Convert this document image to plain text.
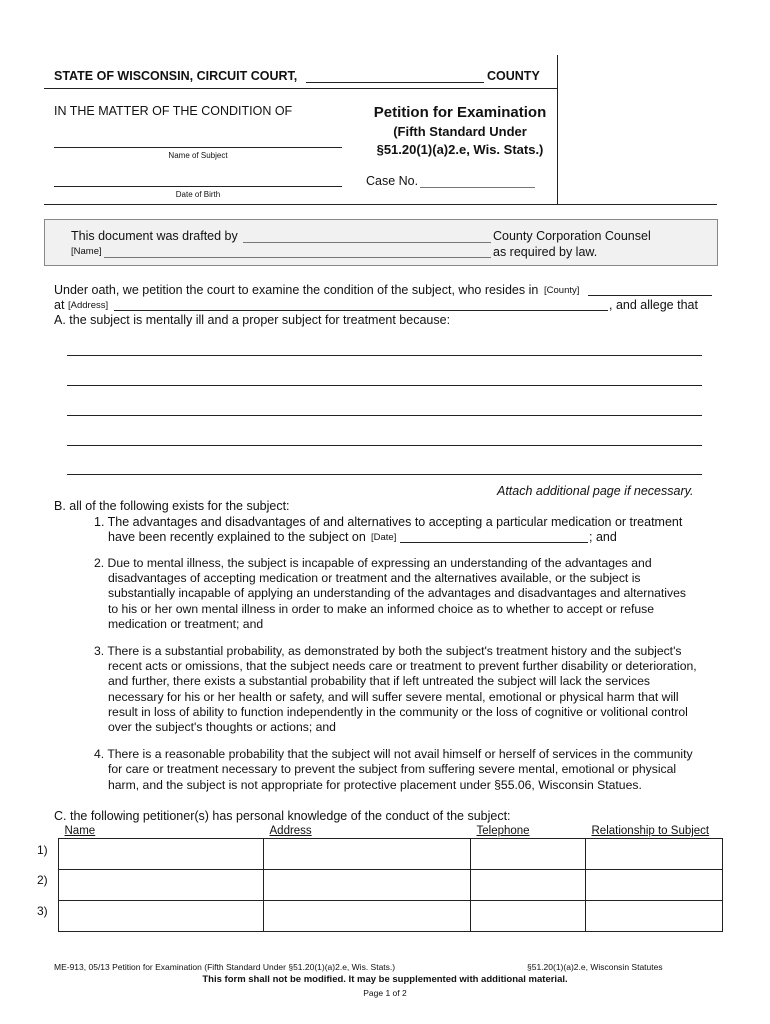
STATE OF WISCONSIN, CIRCUIT COURT,	COUNTY
IN THE MATTER OF THE CONDITION OF
Name of Subject
Date of Birth
Petition for Examination
(Fifth Standard Under
§51.20(1)(a)2.e, Wis. Stats.)
Case No.
This document was drafted by	County Corporation Counsel
[Name]	as required by law.
Under oath, we petition the court to examine the condition of the subject, who resides in [County]
at [Address]	, and allege that
A. the subject is mentally ill and a proper subject for treatment because:
Attach additional page if necessary.
B. all of the following exists for the subject:
1. The advantages and disadvantages of and alternatives to accepting a particular medication or treatment
have been recently explained to the subject on [Date]	; and
2. Due to mental illness, the subject is incapable of expressing an understanding of the advantages and
disadvantages of accepting medication or treatment and the alternatives available, or the subject is
substantially incapable of applying an understanding of the advantages and disadvantages and alternatives
to his or her own mental illness in order to make an informed choice as to whether to accept or refuse
medication or treatment; and
3. There is a substantial probability, as demonstrated by both the subject's treatment history and the subject's
recent acts or omissions, that the subject needs care or treatment to prevent further disability or deterioration,
and further, there exists a substantial probability that if left untreated the subject will lack the services
necessary for his or her health or safety, and will suffer severe mental, emotional or physical harm that will
result in loss of ability to function independently in the community or the loss of cognitive or volitional control
over the subject's thoughts or actions; and
4. There is a reasonable probability that the subject will not avail himself or herself of services in the community
for care or treatment necessary to prevent the subject from suffering severe mental, emotional or physical
harm, and the subject is not appropriate for protective placement under §55.06, Wisconsin Statues.
C. the following petitioner(s) has personal knowledge of the conduct of the subject:
Name	Address	Telephone	Relationship to Subject

1)
2)
3)
ME-913, 05/13 Petition for Examination (Fifth Standard Under §51.20(1)(a)2.e, Wis. Stats.)	§51.20(1)(a)2.e, Wisconsin Statutes
This form shall not be modified. It may be supplemented with additional material.
Page 1 of 2
